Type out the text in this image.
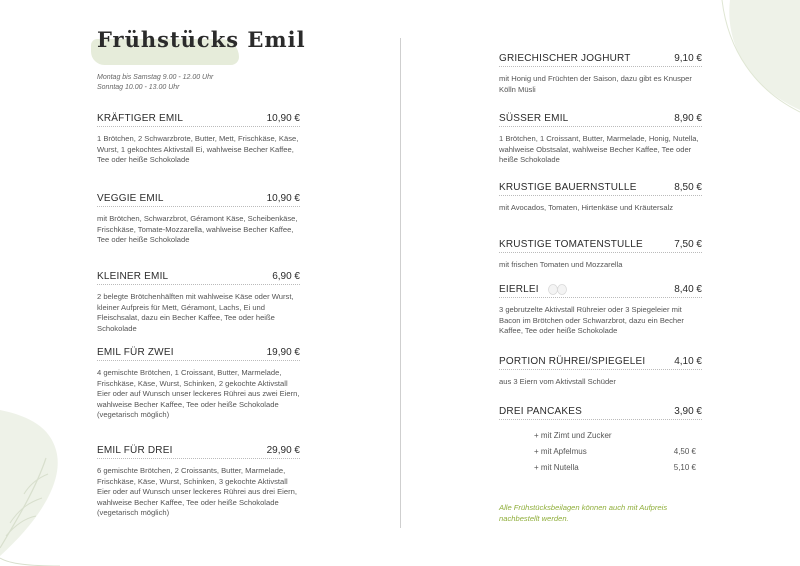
Frühstücks Emil
Montag bis Samstag 9.00 - 12.00 Uhr
Sonntag 10.00 - 13.00 Uhr
KRÄFTIGER EMIL	10,90 €
1 Brötchen, 2 Schwarzbrote, Butter, Mett, Frischkäse, Käse, Wurst, 1 gekochtes Aktivstall Ei, wahlweise Becher Kaffee, Tee oder heiße Schokolade
VEGGIE EMIL	10,90 €
mit Brötchen, Schwarzbrot, Géramont Käse, Scheibenkäse, Frischkäse, Tomate-Mozzarella, wahlweise Becher Kaffee, Tee oder heiße Schokolade
KLEINER EMIL	6,90 €
2 belegte Brötchenhälften mit wahlweise Käse oder Wurst, kleiner Aufpreis für Mett, Géramont, Lachs, Ei und Fleischsalat, dazu ein Becher Kaffee, Tee oder heiße Schokolade
EMIL FÜR ZWEI	19,90 €
4 gemischte Brötchen, 1 Croissant, Butter, Marmelade, Frischkäse, Käse, Wurst, Schinken, 2 gekochte Aktivstall Eier oder auf Wunsch unser leckeres Rührei aus zwei Eiern, wahlweise Becher Kaffee, Tee oder heiße Schokolade (vegetarisch möglich)
EMIL FÜR DREI	29,90 €
6 gemischte Brötchen, 2 Croissants, Butter, Marmelade, Frischkäse, Käse, Wurst, Schinken, 3 gekochte Aktivstall Eier oder auf Wunsch unser leckeres Rührei aus drei Eiern, wahlweise Becher Kaffee, Tee oder heiße Schokolade (vegetarisch möglich)
GRIECHISCHER JOGHURT	9,10 €
mit Honig und Früchten der Saison, dazu gibt es Knusper Kölln Müsli
SÜSSER EMIL	8,90 €
1 Brötchen, 1 Croissant, Butter, Marmelade, Honig, Nutella, wahlweise Obstsalat, wahlweise Becher Kaffee, Tee oder heiße Schokolade
KRUSTIGE BAUERNSTULLE	8,50 €
mit Avocados, Tomaten, Hirtenkäse und Kräutersalz
KRUSTIGE TOMATENSTULLE	7,50 €
mit frischen Tomaten und Mozzarella
EIERLEI	8,40 €
3 gebrutzelte Aktivstall Rühreier oder 3 Spiegeleier mit Bacon im Brötchen oder Schwarzbrot, dazu ein Becher Kaffee, Tee oder heiße Schokolade
PORTION RÜHREI/SPIEGELEI	4,10 €
aus 3 Eiern vom Aktivstall Schüder
DREI PANCAKES	3,90 €
+ mit Zimt und Zucker
+ mit Apfelmus	4,50 €
+ mit Nutella	5,10 €
Alle Frühstücksbeilagen können auch mit Aufpreis nachbestellt werden.
